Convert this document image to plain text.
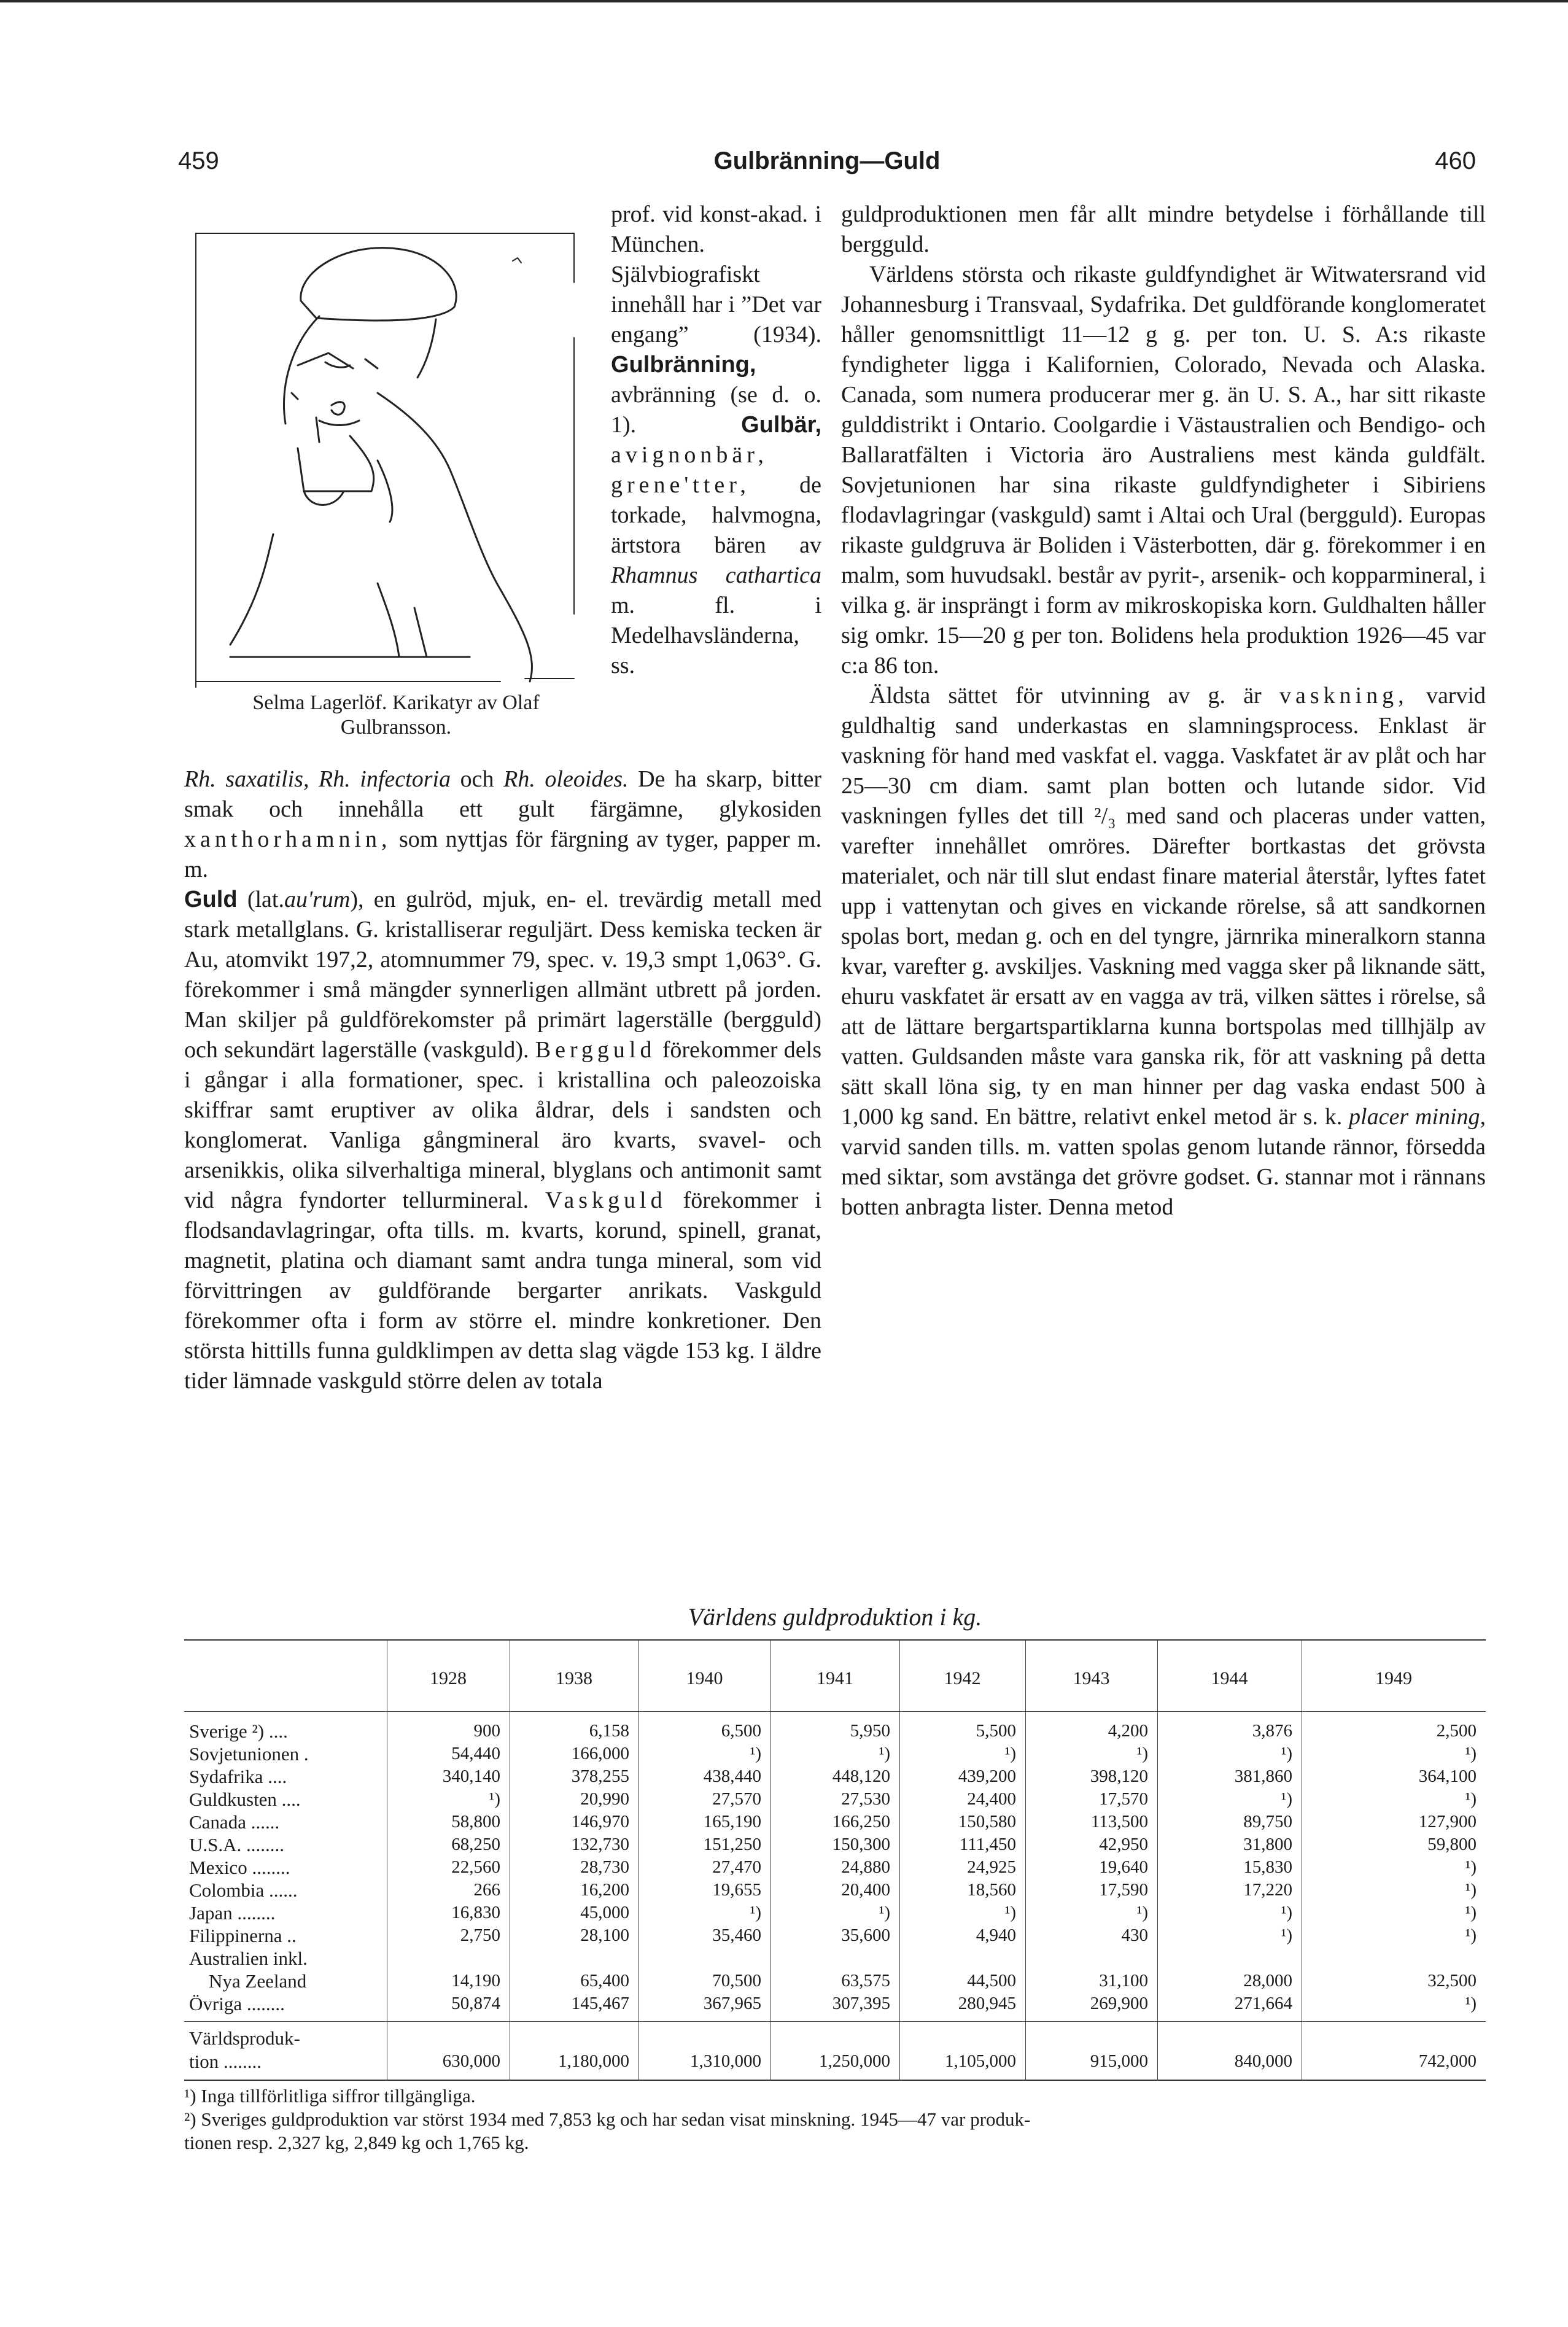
459	Gulbränning—Guld	460
Selma Lagerlöf. Karikatyr av Olaf
Gulbransson.

prof. vid konst-akad. i München. Självbiografiskt innehåll har i ”Det var engang” (1934). Gulbränning, avbränning (se d. o. 1).	Gulbär, avignonbär, grene'tter, de torkade, halvmogna, ärtstora bären av Rhamnus cathartica m. fl. i Medelhavsländerna, ss.

Rh. saxatilis, Rh. infectoria och Rh. oleoides. De ha skarp, bitter smak och innehålla ett gult färgämne, glykosiden xanthorhamnin, som nyttjas för färgning av tyger, papper m. m.

Guld (lat.au'rum), en gulröd, mjuk, en- el. trevärdig metall med stark metallglans. G. kristalliserar reguljärt. Dess kemiska tecken är Au, atomvikt 197,2, atomnummer 79, spec. v. 19,3 smpt 1,063°. G. förekommer i små mängder synnerligen allmänt utbrett på jorden. Man skiljer på guldförekomster på primärt lagerställe (bergguld) och sekundärt lagerställe (vaskguld). Bergguld förekommer dels i gångar i alla formationer, spec. i kristallina och paleozoiska skiffrar samt eruptiver av olika åldrar, dels i sandsten och konglomerat. Vanliga gångmineral äro kvarts, svavel- och arsenikkis, olika silverhaltiga mineral, blyglans och antimonit samt vid några fyndorter tellurmineral. Vaskguld förekommer i flodsandavlagringar, ofta tills. m. kvarts, korund, spinell, granat, magnetit, platina och diamant samt andra tunga mineral, som vid förvittringen av guldförande bergarter anrikats. Vaskguld förekommer ofta i form av större el. mindre konkretioner. Den största hittills funna guldklimpen av detta slag vägde 153 kg. I äldre tider lämnade vaskguld större delen av totala

guldproduktionen men får allt mindre betydelse i förhållande till bergguld.

Världens största och rikaste guldfyndighet är Witwatersrand vid Johannesburg i Transvaal, Sydafrika. Det guldförande konglomeratet håller genomsnittligt 11—12 g g. per ton. U. S. A:s rikaste fyndigheter ligga i Kalifornien, Colorado, Nevada och Alaska. Canada, som numera producerar mer g. än U. S. A., har sitt rikaste gulddistrikt i Ontario. Coolgardie i Västaustralien och Bendigo- och Ballaratfälten i Victoria äro Australiens mest kända guldfält. Sovjetunionen har sina rikaste guldfyndigheter i Sibiriens flodavlagringar (vaskguld) samt i Altai och Ural (bergguld). Europas rikaste guldgruva är Boliden i Västerbotten, där g. förekommer i en malm, som huvudsakl. består av pyrit-, arsenik- och kopparmineral, i vilka g. är insprängt i form av mikroskopiska korn. Guldhalten håller sig omkr. 15—20 g per ton. Bolidens hela produktion 1926—45 var c:a 86 ton.

Äldsta sättet för utvinning av g. är vaskning, varvid guldhaltig sand underkastas en slamningsprocess. Enklast är vaskning för hand med vaskfat el. vagga. Vaskfatet är av plåt och har 25—30 cm diam. samt plan botten och lutande sidor. Vid vaskningen fylles det till ²/₃ med sand och placeras under vatten, varefter innehållet omröres. Därefter bortkastas det grövsta materialet, och när till slut endast finare material återstår, lyftes fatet upp i vattenytan och gives en vickande rörelse, så att sandkornen spolas bort, medan g. och en del tyngre, järnrika mineralkorn stanna kvar, varefter g. avskiljes. Vaskning med vagga sker på liknande sätt, ehuru vaskfatet är ersatt av en vagga av trä, vilken sättes i rörelse, så att de lättare bergartspartiklarna kunna bortspolas med tillhjälp av vatten. Guldsanden måste vara ganska rik, för att vaskning på detta sätt skall löna sig, ty en man hinner per dag vaska endast 500 à 1,000 kg sand. En bättre, relativt enkel metod är s. k. placer mining, varvid sanden tills. m. vatten spolas genom lutande rännor, försedda med siktar, som avstänga det grövre godset. G. stannar mot i rännans botten anbragta lister. Denna metod

Världens guldproduktion i kg.
1928	1938	1940	1941	1942	1943	1944	1949
Sverige ²) ....	900	6,158	6,500	5,950	5,500	4,200	3,876	2,500
Sovjetunionen .	54,440	166,000	¹)	¹)	¹)	¹)	¹)	¹)
Sydafrika ....	340,140	378,255	438,440	448,120	439,200	398,120	381,860	364,100
Guldkusten ....	¹)	20,990	27,570	27,530	24,400	17,570	¹)	¹)
Canada ......	58,800	146,970	165,190	166,250	150,580	113,500	89,750	127,900
U.S.A. ........	68,250	132,730	151,250	150,300	111,450	42,950	31,800	59,800
Mexico ........	22,560	28,730	27,470	24,880	24,925	19,640	15,830	¹)
Colombia ......	266	16,200	19,655	20,400	18,560	17,590	17,220	¹)
Japan ........	16,830	45,000	¹)	¹)	¹)	¹)	¹)	¹)
Filippinerna ..	2,750	28,100	35,460	35,600	4,940	430	¹)	¹)
Australien inkl.
Nya Zeeland	14,190	65,400	70,500	63,575	44,500	31,100	28,000	32,500
Övriga ........	50,874	145,467	367,965	307,395	280,945	269,900	271,664	¹)
Världsproduk-
tion ........	630,000	1,180,000	1,310,000	1,250,000	1,105,000	915,000	840,000	742,000
¹) Inga tillförlitliga siffror tillgängliga.
²) Sveriges guldproduktion var störst 1934 med 7,853 kg och har sedan visat minskning. 1945—47 var produk-
tionen resp. 2,327 kg, 2,849 kg och 1,765 kg.
